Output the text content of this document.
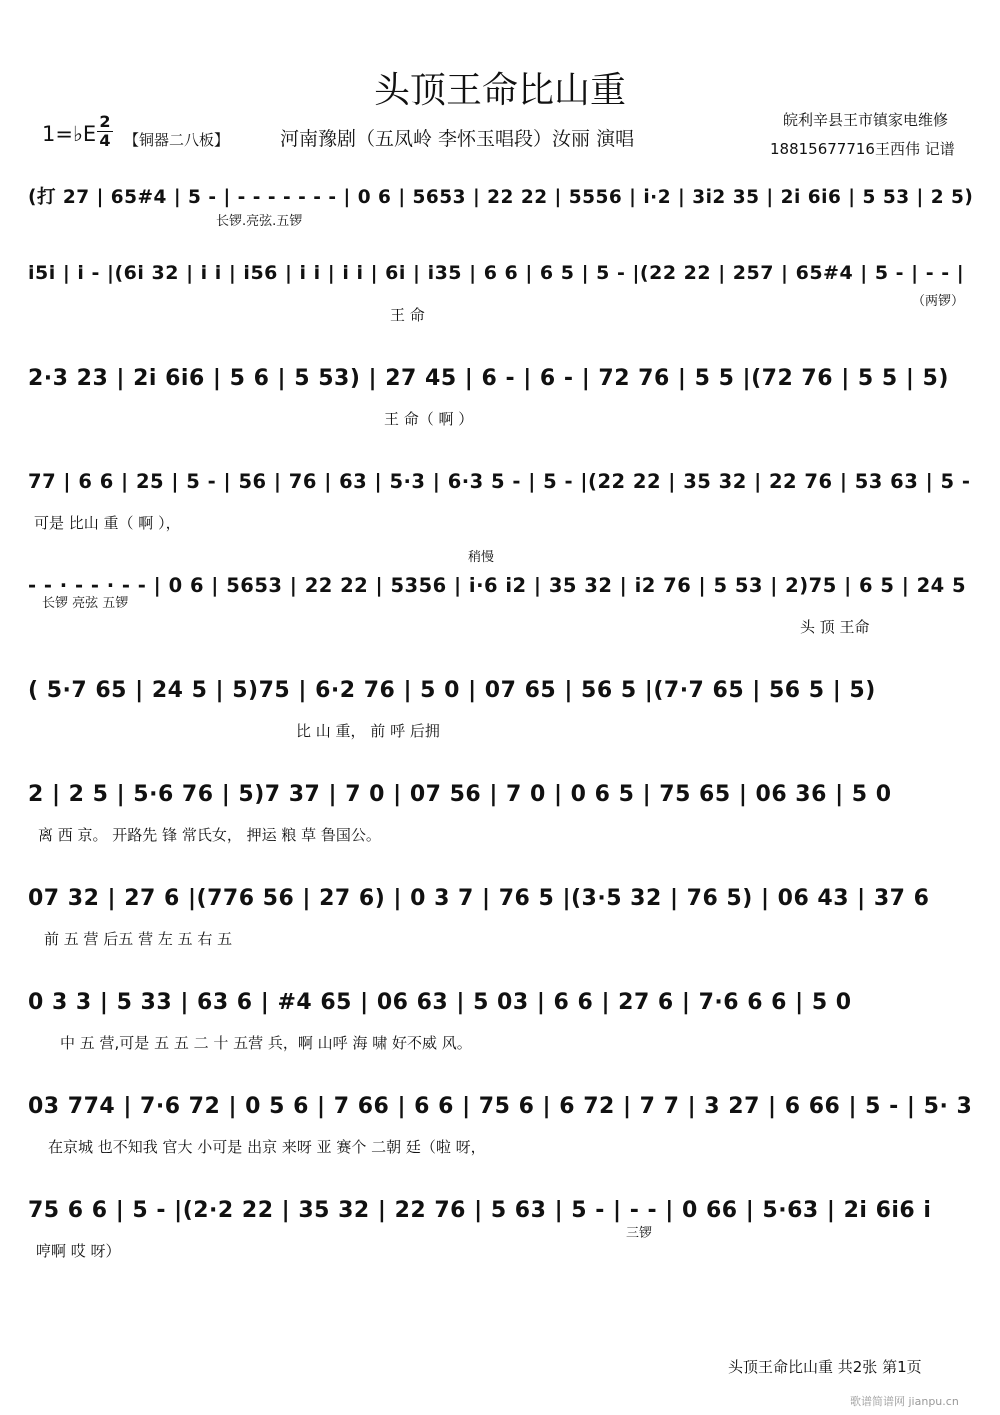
头顶王命比山重
1=♭E
2
4 【铜器二八板】	河南豫剧（五凤岭 李怀玉唱段）汝丽 演唱
皖利辛县王市镇家电维修
18815677716王西伟 记谱
(打 27 | 65#4 | 5 - | - - - - - - - | 0 6 | 5653 | 22 22 | 5556 | i·2 | 3i2 35 | 2i 6i6 | 5 53 | 2 5)
长锣.亮弦.五锣
i5i | i - |(6i 32 | i i | i56 | i i | i i | 6i | i35 | 6 6 | 6 5 | 5 - |(22 22 | 257 | 65#4 | 5 - | - - |
王 命
（两锣）
2·3 23 | 2i 6i6 | 5 6 | 5 53) | 27 45 | 6 - | 6 - | 72 76 | 5 5 |(72 76 | 5 5 | 5)
王 命（ 啊 ）
77 | 6 6 | 25 | 5 - | 56 | 76 | 63 | 5·3 | 6·3 5 - | 5 - |(22 22 | 35 32 | 22 76 | 53 63 | 5 -
可是 比山 重（ 啊 ），
稍慢
- - · - - · - - | 0 6 | 5653 | 22 22 | 5356 | i·6 i2 | 35 32 | i2 76 | 5 53 | 2)75 | 6 5 | 24 5
长锣 亮弦 五锣
头 顶 王命
( 5·7 65 | 24 5 | 5)75 | 6·2 76 | 5 0 | 07 65 | 56 5 |(7·7 65 | 56 5 | 5)
比 山 重， 前 呼 后拥
2 | 2 5 | 5·6 76 | 5)7 37 | 7 0 | 07 56 | 7 0 | 0 6 5 | 75 65 | 06 36 | 5 0
离 西 京。 开路先 锋 常氏女， 押运 粮 草 鲁国公。
07 32 | 27 6 |(776 56 | 27 6) | 0 3 7 | 76 5 |(3·5 32 | 76 5) | 06 43 | 37 6
前 五 营 后五 营 左 五 右 五
0 3 3 | 5 33 | 63 6 | #4 65 | 06 63 | 5 03 | 6 6 | 27 6 | 7·6 6 6 | 5 0
中 五 营,可是 五 五 二 十 五营 兵，啊 山呼 海 啸 好不威 风。
03 774 | 7·6 72 | 0 5 6 | 7 66 | 6 6 | 75 6 | 6 72 | 7 7 | 3 27 | 6 66 | 5 - | 5· 3
在京城 也不知我 官大 小可是 出京 来呀 亚 赛个 二朝 廷（啦 呀，
75 6 6 | 5 - |(2·2 22 | 35 32 | 22 76 | 5 63 | 5 - | - - | 0 66 | 5·63 | 2i 6i6 i
哼啊 哎 呀）
三锣
头顶王命比山重 共2张 第1页
歌谱简谱网 jianpu.cn
